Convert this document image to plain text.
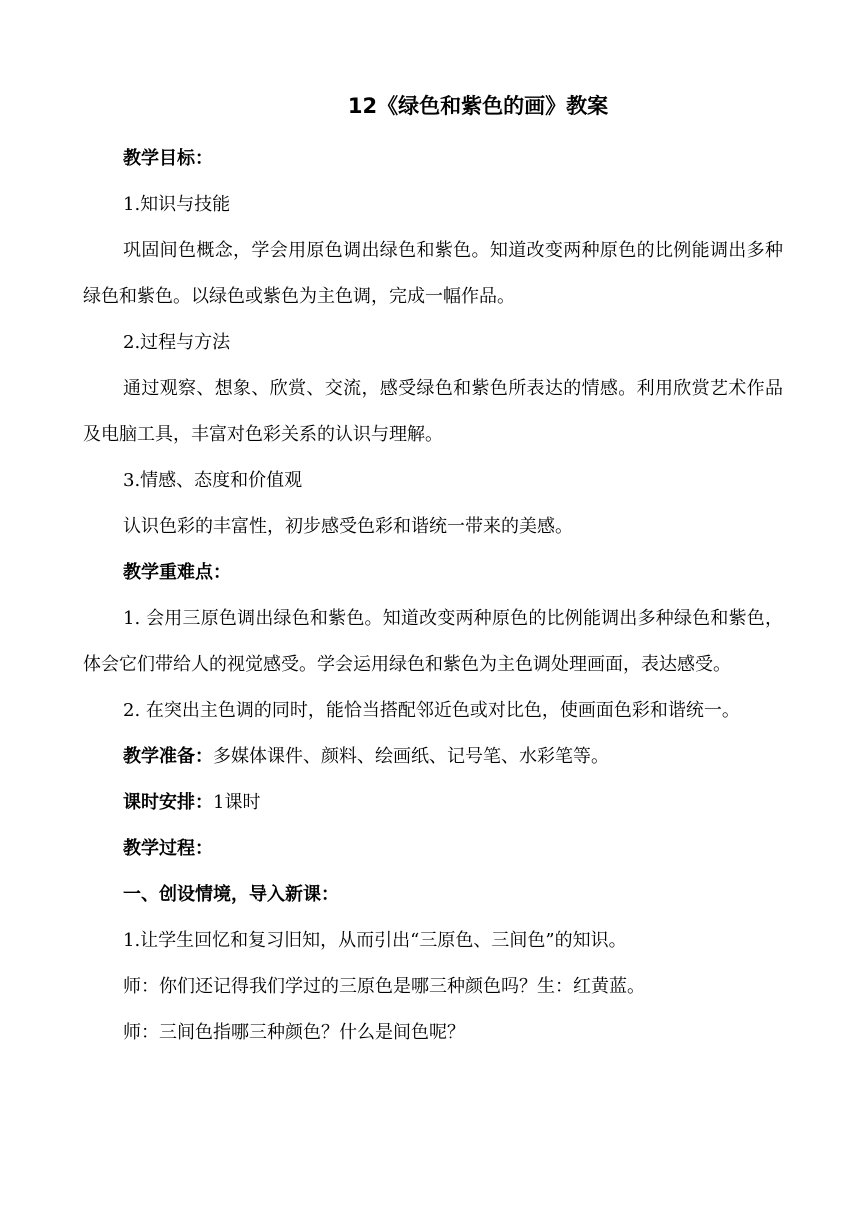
12《绿色和紫色的画》教案

教学目标：

1.知识与技能

巩固间色概念，学会用原色调出绿色和紫色。知道改变两种原色的比例能调出多种绿色和紫色。以绿色或紫色为主色调，完成一幅作品。

2.过程与方法

通过观察、想象、欣赏、交流，感受绿色和紫色所表达的情感。利用欣赏艺术作品及电脑工具，丰富对色彩关系的认识与理解。

3.情感、态度和价值观

认识色彩的丰富性，初步感受色彩和谐统一带来的美感。

教学重难点：

1. 会用三原色调出绿色和紫色。知道改变两种原色的比例能调出多种绿色和紫色，体会它们带给人的视觉感受。学会运用绿色和紫色为主色调处理画面，表达感受。

2. 在突出主色调的同时，能恰当搭配邻近色或对比色，使画面色彩和谐统一。

教学准备：多媒体课件、颜料、绘画纸、记号笔、水彩笔等。

课时安排：1课时

教学过程：

一、创设情境，导入新课：

1.让学生回忆和复习旧知，从而引出“三原色、三间色”的知识。

师：你们还记得我们学过的三原色是哪三种颜色吗？生：红黄蓝。

师：三间色指哪三种颜色？什么是间色呢？
